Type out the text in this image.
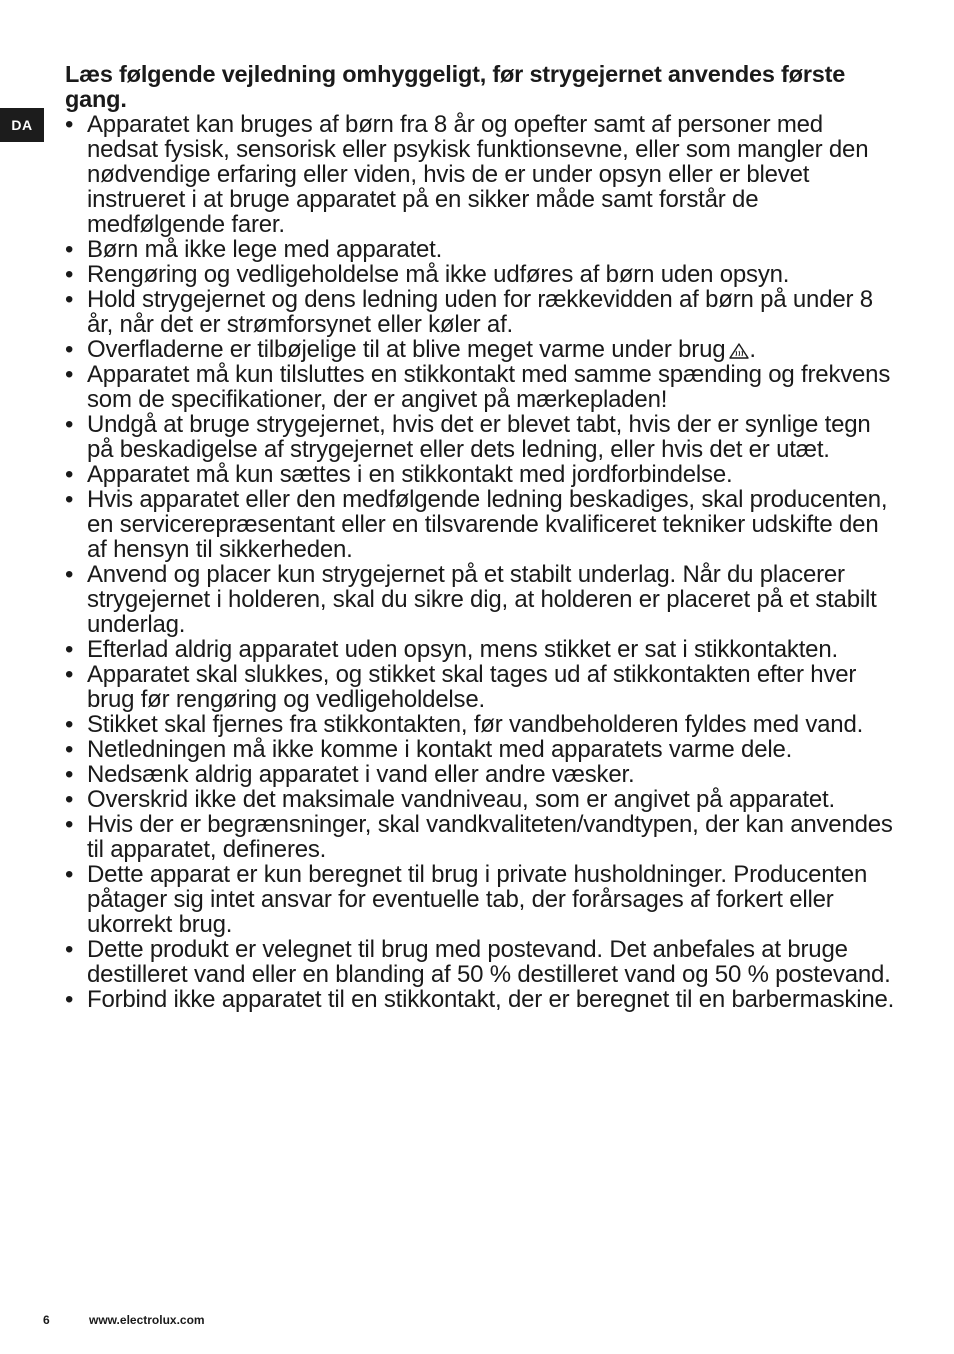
DA
Læs følgende vejledning omhyggeligt, før strygejernet anvendes første gang.
• Apparatet kan bruges af børn fra 8 år og opefter samt af personer med nedsat fysisk, sensorisk eller psykisk funktionsevne, eller som mangler den nødvendige erfaring eller viden, hvis de er under opsyn eller er blevet instrueret i at bruge apparatet på en sikker måde samt forstår de medfølgende farer.
• Børn må ikke lege med apparatet.
• Rengøring og vedligeholdelse må ikke udføres af børn uden opsyn.
• Hold strygejernet og dens ledning uden for rækkevidden af børn på under 8 år, når det er strømforsynet eller køler af.
• Overfladerne er tilbøjelige til at blive meget varme under brug .
• Apparatet må kun tilsluttes en stikkontakt med samme spænding og frekvens som de specifikationer, der er angivet på mærkepladen!
• Undgå at bruge strygejernet, hvis det er blevet tabt, hvis der er synlige tegn på beskadigelse af strygejernet eller dets ledning, eller hvis det er utæt.
• Apparatet må kun sættes i en stikkontakt med jordforbindelse.
• Hvis apparatet eller den medfølgende ledning beskadiges, skal producenten, en servicerepræsentant eller en tilsvarende kvalificeret tekniker udskifte den af hensyn til sikkerheden.
• Anvend og placer kun strygejernet på et stabilt underlag. Når du placerer strygejernet i holderen, skal du sikre dig, at holderen er placeret på et stabilt underlag.
• Efterlad aldrig apparatet uden opsyn, mens stikket er sat i stikkontakten.
• Apparatet skal slukkes, og stikket skal tages ud af stikkontakten efter hver brug før rengøring og vedligeholdelse.
• Stikket skal fjernes fra stikkontakten, før vandbeholderen fyldes med vand.
• Netledningen må ikke komme i kontakt med apparatets varme dele.
• Nedsænk aldrig apparatet i vand eller andre væsker.
• Overskrid ikke det maksimale vandniveau, som er angivet på apparatet.
• Hvis der er begrænsninger, skal vandkvaliteten/vandtypen, der kan anvendes til apparatet, defineres.
• Dette apparat er kun beregnet til brug i private husholdninger. Producenten påtager sig intet ansvar for eventuelle tab, der forårsages af forkert eller ukorrekt brug.
• Dette produkt er velegnet til brug med postevand. Det anbefales at bruge destilleret vand eller en blanding af 50 % destilleret vand og 50 % postevand.
• Forbind ikke apparatet til en stikkontakt, der er beregnet til en barbermaskine.
6	www.electrolux.com
